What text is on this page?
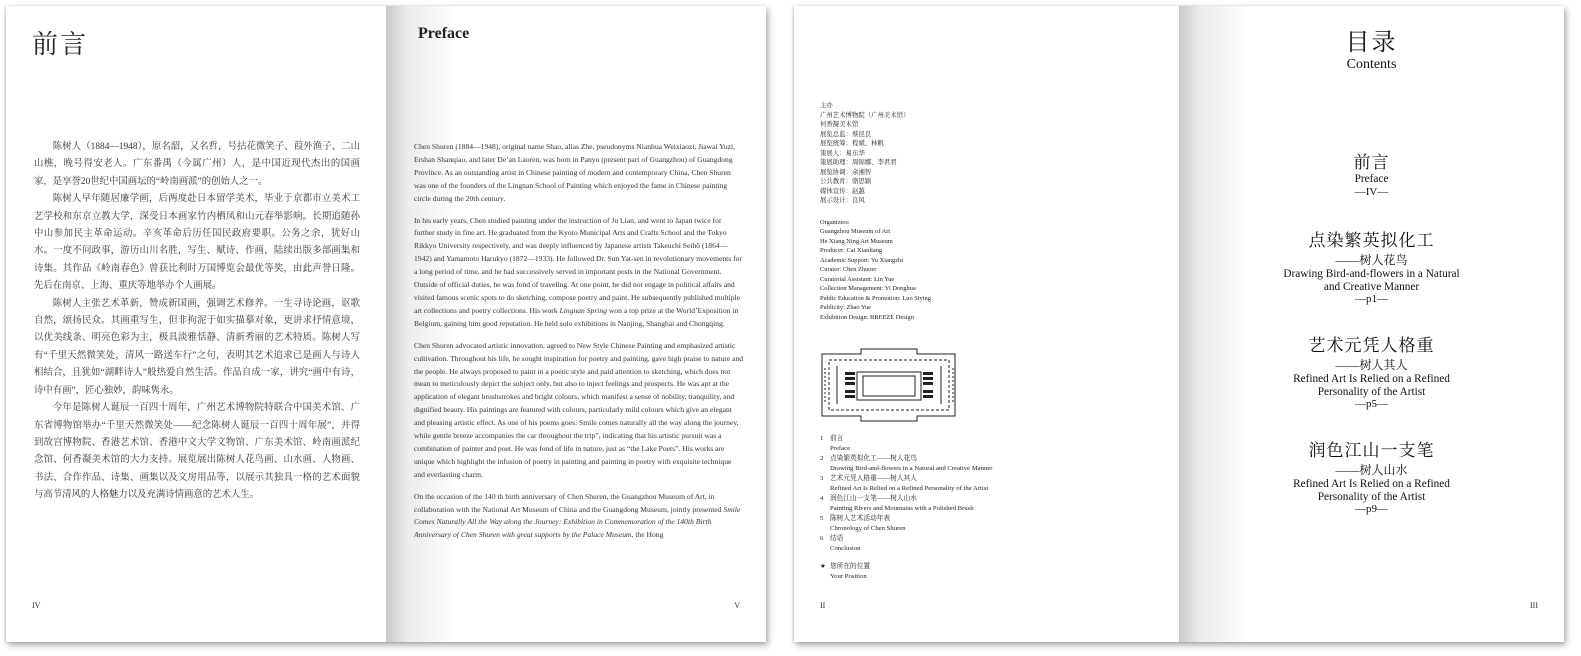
前言

陈树人（1884—1948），原名韶，又名哲，号拈花微笑子、葭外渔子、二山山樵，晚号得安老人。广东番禺（今属广州）人，是中国近现代杰出的国画家，是享誉20世纪中国画坛的“岭南画派”的创始人之一。

陈树人早年随居廉学画，后两度赴日本留学美术，毕业于京都市立美术工艺学校和东京立教大学，深受日本画家竹内栖凤和山元春举影响。长期追随孙中山参加民主革命运动。辛亥革命后历任国民政府要职。公务之余，犹好山水。一度不问政事，游历山川名胜，写生、赋诗、作画，陆续出版多部画集和诗集。其作品《岭南春色》曾获比利时万国博览会最优等奖，由此声誉日隆。先后在南京、上海、重庆等地举办个人画展。

陈树人主张艺术革新，赞成新国画，强调艺术修养。一生寻诗论画，讴歌自然，颂扬民众。其画重写生，但非拘泥于如实描摹对象，更讲求抒情意境，以优美线条、明亮色彩为主，极具淡雅恬静、清新秀丽的艺术特质。陈树人写有“千里天然微笑处，清风一路送车行”之句，表明其艺术追求已是画人与诗人相结合，且犹如“湖畔诗人”般热爱自然生活。作品自成一家，讲究“画中有诗，诗中有画”，匠心独妙，韵味隽永。

今年是陈树人诞辰一百四十周年，广州艺术博物院特联合中国美术馆、广东省博物馆举办“千里天然微笑处——纪念陈树人诞辰一百四十周年展”，并得到故宫博物院、香港艺术馆、香港中文大学文物馆、广东美术馆、岭南画派纪念馆、何香凝美术馆的大力支持。展览展出陈树人花鸟画、山水画、人物画、书法、合作作品、诗集、画集以及文房用品等，以展示其独具一格的艺术面貌与高节清风的人格魅力以及充满诗情画意的艺术人生。

IV
Preface

Chen Shuren (1884—1948), original name Shao, alias Zhe, pseudonyms Nianhua Weixiaozi, Jiawai Yuzi, Ershan Shanqiao, and later De’an Laoren, was born in Panyu (present part of Guangzhou) of Guangdong Province. As an outstanding artist in Chinese painting of modern and contemporary China, Chen Shuren was one of the founders of the Lingnan School of Painting which enjoyed the fame in Chinese painting circle during the 20th century.

In his early years, Chen studied painting under the instruction of Ju Lian, and went to Japan twice for further study in fine art. He graduated from the Kyoto Municipal Arts and Crafts School and the Tokyo Rikkyo University respectively, and was deeply influenced by Japanese artists Takeuchi Seihō (1864—1942) and Yamamoto Harukyo (1872—1933). He followed Dr. Sun Yat-sen in revolutionary movements for a long period of time, and he had successively served in important posts in the National Government. Outside of official duties, he was fond of traveling. At one point, he did not engage in political affairs and visited famous scenic spots to do sketching, compose poetry and paint. He subsequently published multiple art collections and poetry collections. His work Lingnan Spring won a top prize at the World’Exposition in Belgium, gaining him good reputation. He held solo exhibitions in Nanjing, Shanghai and Chongqing.

Chen Shuren advocated artistic innovation, agreed to New Style Chinese Painting and emphasized artistic cultivation. Throughout his life, he sought inspiration for poetry and painting, gave high praise to nature and the people. He always proposed to paint in a poetic style and paid attention to sketching, which does not mean to meticulously depict the subject only, but also to inject feelings and prospects. He was apt at the application of elegant brushstrokes and bright colours, which manifest a sense of nobility, tranquility, and dignified beauty. His paintings are featured with colours, particularly mild colours which give an elegant and pleasing artistic effect. As one of his poems goes: Smile comes naturally all the way along the journey, while gentle breeze accompanies the car throughout the trip”, indicating that his artistic pursuit was a combination of painter and poet. He was fond of life in nature, just as “the Lake Poets”. His works are unique which highlight the infusion of poetry in painting and painting in poetry with exquisite technique and everlasting charm.

On the occasion of the 140 th birth anniversary of Chen Shuren, the Guangzhou Museum of Art, in collaboration with the National Art Museum of China and the Guangdong Museum, jointly presented Smile Comes Naturally All the Way along the Journey: Exhibition in Commemoration of the 140th Birth Anniversary of Chen Shuren with great supports by the Palace Museum, the Hong

V
主办
广州艺术博物院（广州美术馆）
何香凝美术馆
展览总监：蔡昆良
展览统筹：程斌、林帆
策展人：易东华
策展助理：周锦娜、李君君
展览协调：余湘智
公共教育：骆思颖
媒体宣传：赵越
展示设计：良风
Organizers:
Guangzhou Museum of Art
He Xiang Ning Art Museum
Producer: Cai Xianliang
Academic Support: Yu Xiangzhi
Curator: Chen Zhuoer
Curatorial Assistant: Lin Yue
Collection Management: Yi Donghua
Public Education & Promotion: Luo Siying
Publicity: Zhao Yue
Exhibition Design: BREEZE Design
1 前言
Preface
2 点染繁英拟化工——树人花鸟
Drawing Bird-and-flowers in a Natural and Creative Manner
3 艺术元凭人格重——树人其人
Refined Art Is Relied on a Refined Personality of the Artist
4 润色江山一支笔——树人山水
Painting Rivers and Mountains with a Polished Brush
5 陈树人艺术活动年表
Chronology of Chen Shuren
6 结语
Conclusion
★ 您所在的位置
Your Position
II
目录
Contents
前言
Preface
—IV—
点染繁英拟化工
——树人花鸟
Drawing Bird-and-flowers in a Natural
and Creative Manner
—p1—
艺术元凭人格重
——树人其人
Refined Art Is Relied on a Refined
Personality of the Artist
—p5—
润色江山一支笔
——树人山水
Refined Art Is Relied on a Refined
Personality of the Artist
—p9—
III
